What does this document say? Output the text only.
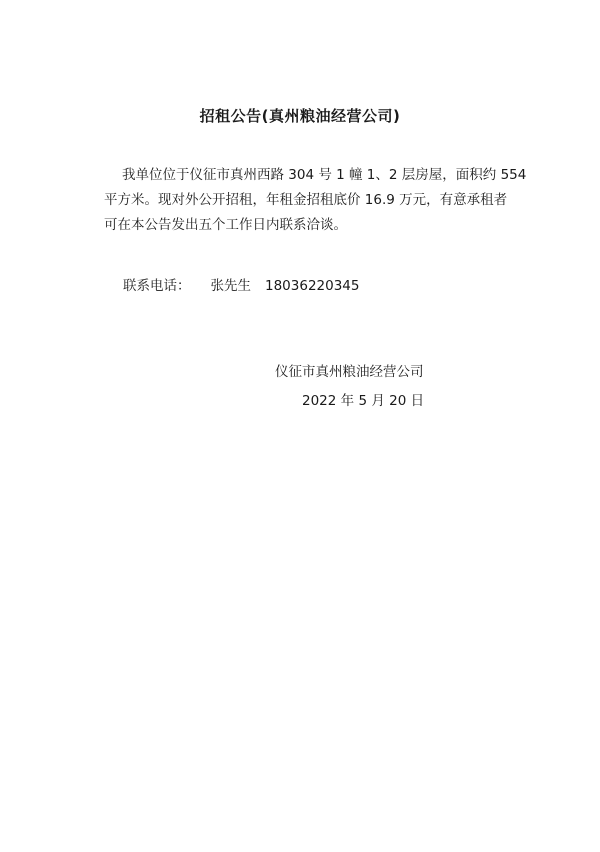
招租公告(真州粮油经营公司)
我单位位于仪征市真州西路 304 号 1 幢 1、2 层房屋，面积约 554
平方米。现对外公开招租，年租金招租底价 16.9 万元，有意承租者
可在本公告发出五个工作日内联系洽谈。
联系电话： 张先生 18036220345
仪征市真州粮油经营公司
2022 年 5 月 20 日
